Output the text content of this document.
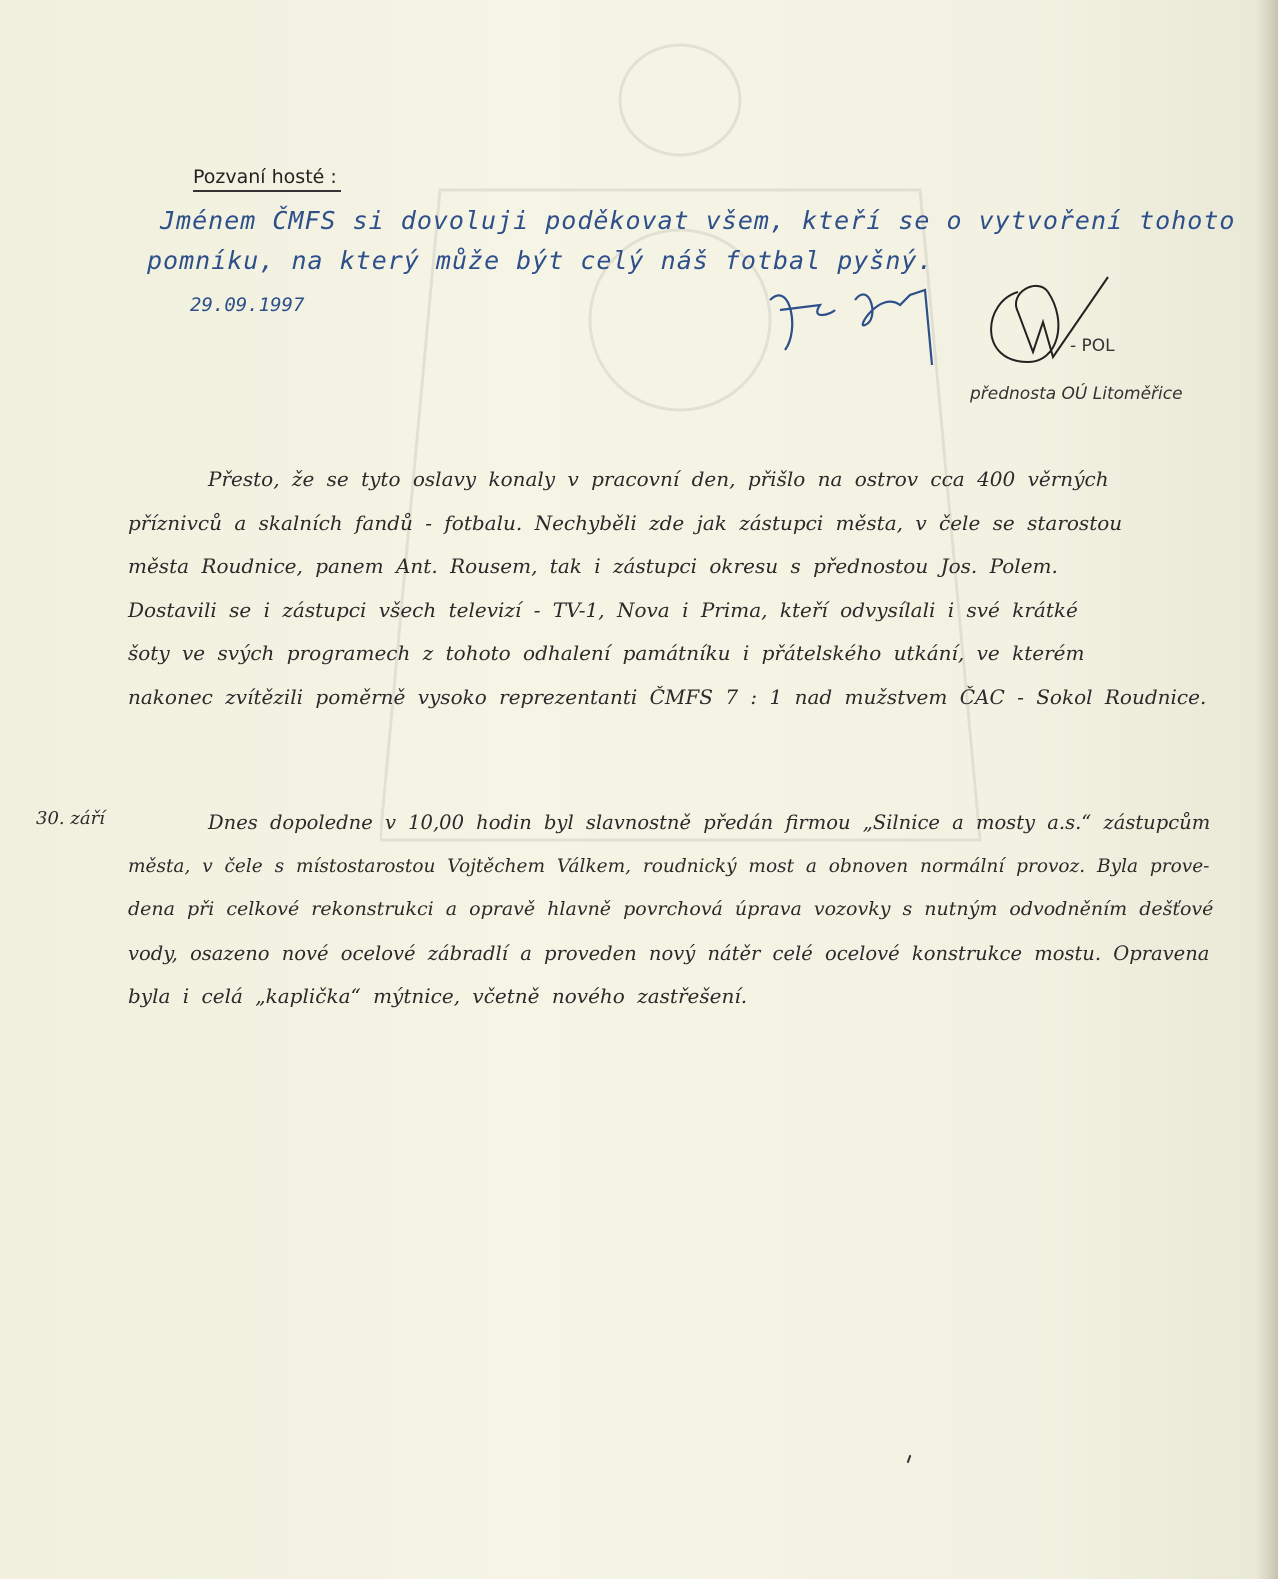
Pozvaní hosté :
Jménem ČMFS si dovoluji poděkovat všem, kteří se o vytvoření tohoto
pomníku, na který může být celý náš fotbal pyšný.
29.09.1997
- POL
přednosta OÚ Litoměřice
Přesto, že se tyto oslavy konaly v pracovní den, přišlo na ostrov cca 400 věrných
příznivců a skalních fandů - fotbalu. Nechyběli zde jak zástupci města, v čele se starostou
města Roudnice, panem Ant. Rousem, tak i zástupci okresu s přednostou Jos. Polem.
Dostavili se i zástupci všech televizí - TV-1, Nova i Prima, kteří odvysílali i své krátké
šoty ve svých programech z tohoto odhalení památníku i přátelského utkání, ve kterém
nakonec zvítězili poměrně vysoko reprezentanti ČMFS 7 : 1 nad mužstvem ČAC - Sokol Roudnice.
30. září	Dnes dopoledne v 10,00 hodin byl slavnostně předán firmou „Silnice a mosty a.s.“ zástupcům
města, v čele s místostarostou Vojtěchem Válkem, roudnický most a obnoven normální provoz. Byla prove-
dena při celkové rekonstrukci a opravě hlavně povrchová úprava vozovky s nutným odvodněním dešťové
vody, osazeno nové ocelové zábradlí a proveden nový nátěr celé ocelové konstrukce mostu. Opravena
byla i celá „kaplička“ mýtnice, včetně nového zastřešení.
